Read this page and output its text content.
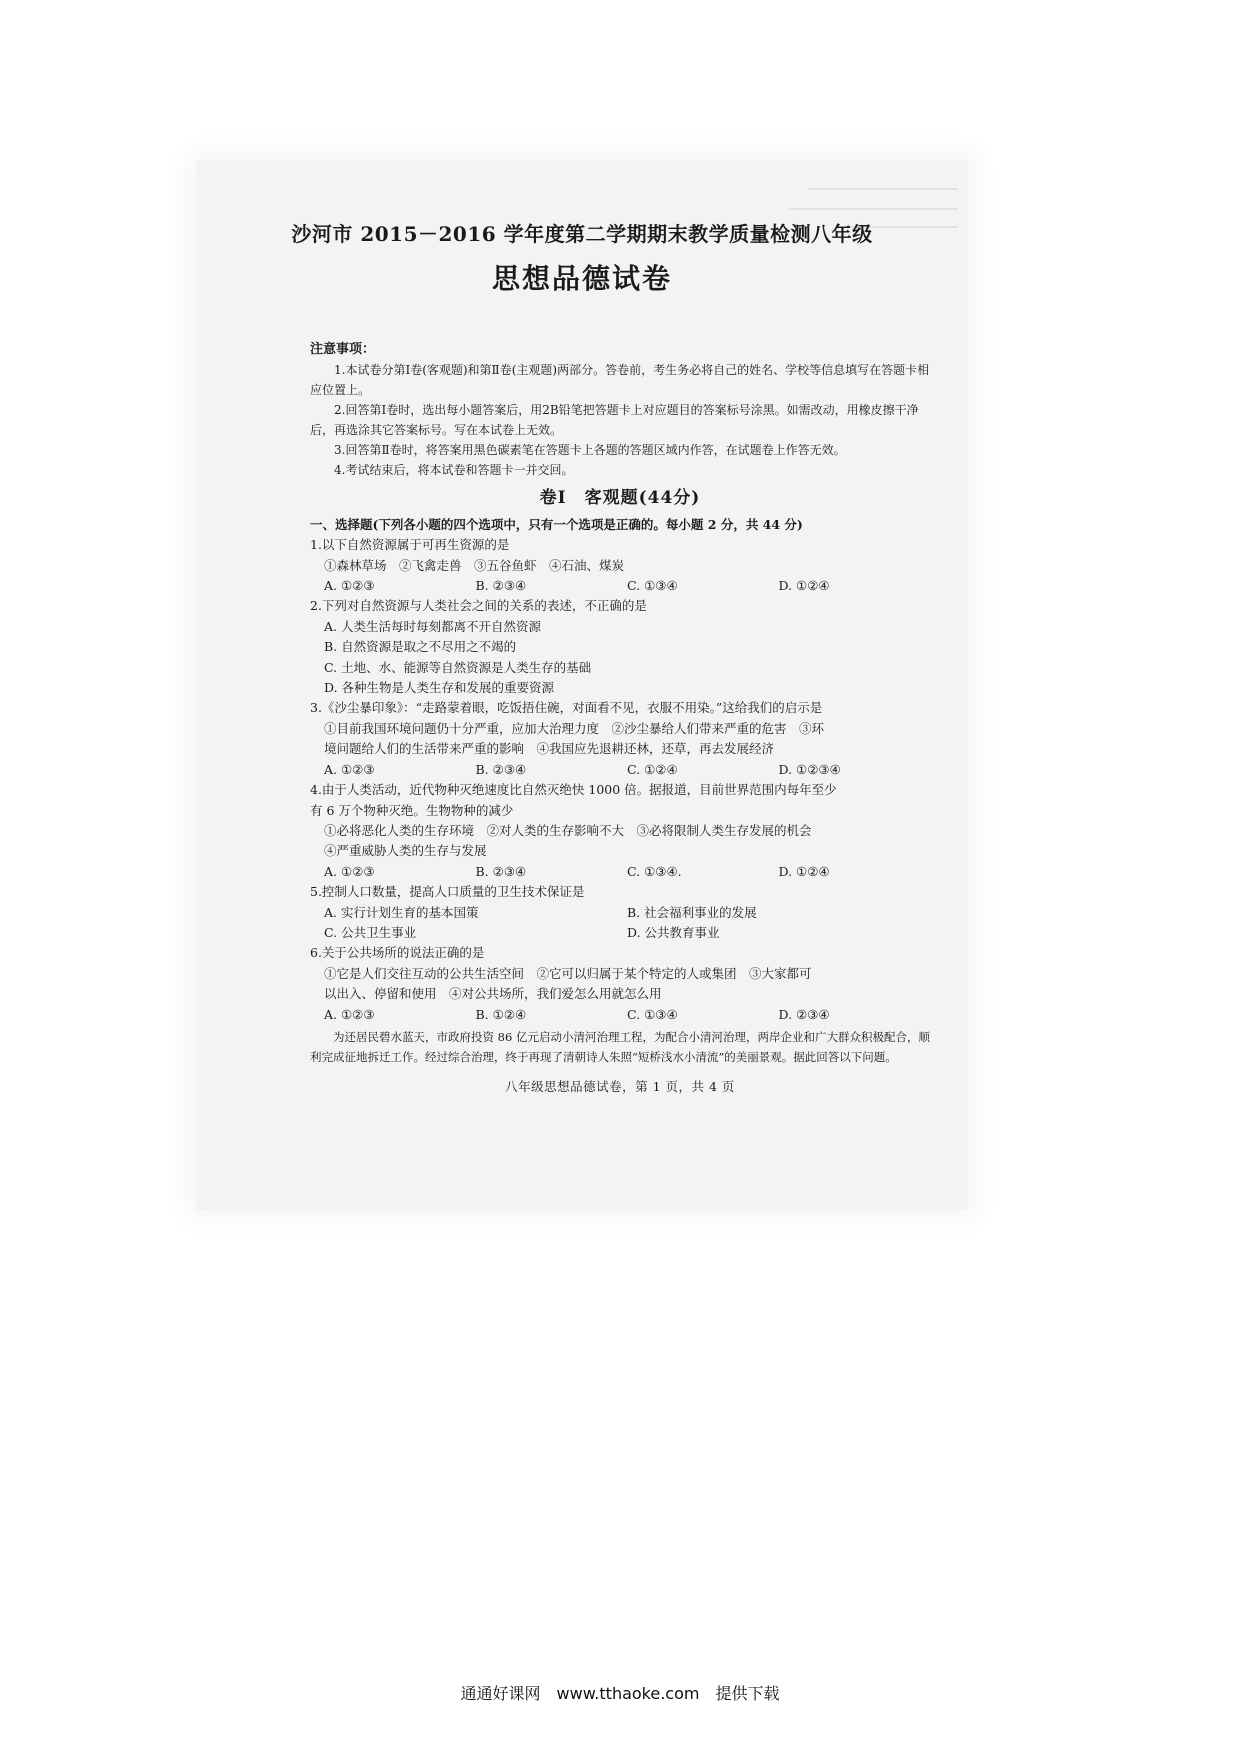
沙河市 2015－2016 学年度第二学期期末教学质量检测八年级
思想品德试卷
注意事项：
1.本试卷分第Ⅰ卷(客观题)和第Ⅱ卷(主观题)两部分。答卷前，考生务必将自己的姓名、学校等信息填写在答题卡相应位置上。
2.回答第Ⅰ卷时，选出每小题答案后，用2B铅笔把答题卡上对应题目的答案标号涂黑。如需改动，用橡皮擦干净后，再选涂其它答案标号。写在本试卷上无效。
3.回答第Ⅱ卷时，将答案用黑色碳素笔在答题卡上各题的答题区域内作答，在试题卷上作答无效。
4.考试结束后，将本试卷和答题卡一并交回。
卷Ⅰ 客观题(44分)
一、选择题(下列各小题的四个选项中，只有一个选项是正确的。每小题 2 分，共 44 分)
1.以下自然资源属于可再生资源的是
①森林草场　②飞禽走兽　③五谷鱼虾　④石油、煤炭
A. ①②③	B. ②③④	C. ①③④	D. ①②④
2.下列对自然资源与人类社会之间的关系的表述，不正确的是
A. 人类生活每时每刻都离不开自然资源
B. 自然资源是取之不尽用之不竭的
C. 土地、水、能源等自然资源是人类生存的基础
D. 各种生物是人类生存和发展的重要资源
3.《沙尘暴印象》：“走路蒙着眼，吃饭捂住碗，对面看不见，衣服不用染。”这给我们的启示是
①目前我国环境问题仍十分严重，应加大治理力度　②沙尘暴给人们带来严重的危害　③环
境问题给人们的生活带来严重的影响　④我国应先退耕还林，还草，再去发展经济
A. ①②③	B. ②③④	C. ①②④	D. ①②③④
4.由于人类活动，近代物种灭绝速度比自然灭绝快 1000 倍。据报道，目前世界范围内每年至少
有 6 万个物种灭绝。生物物种的减少
①必将恶化人类的生存环境　②对人类的生存影响不大　③必将限制人类生存发展的机会
④严重威胁人类的生存与发展
A. ①②③	B. ②③④	C. ①③④.	D. ①②④
5.控制人口数量，提高人口质量的卫生技术保证是
A. 实行计划生育的基本国策	B. 社会福利事业的发展
C. 公共卫生事业	D. 公共教育事业
6.关于公共场所的说法正确的是
①它是人们交往互动的公共生活空间　②它可以归属于某个特定的人或集团　③大家都可
以出入、停留和使用　④对公共场所，我们爱怎么用就怎么用
A. ①②③	B. ①②④	C. ①③④	D. ②③④
为还居民碧水蓝天，市政府投资 86 亿元启动小清河治理工程，为配合小清河治理，两岸企业和广大群众积极配合，顺利完成征地拆迁工作。经过综合治理，终于再现了清朝诗人朱照“短桥浅水小清流”的美丽景观。据此回答以下问题。
八年级思想品德试卷，第 1 页，共 4 页
通通好课网　www.tthaoke.com　提供下载
